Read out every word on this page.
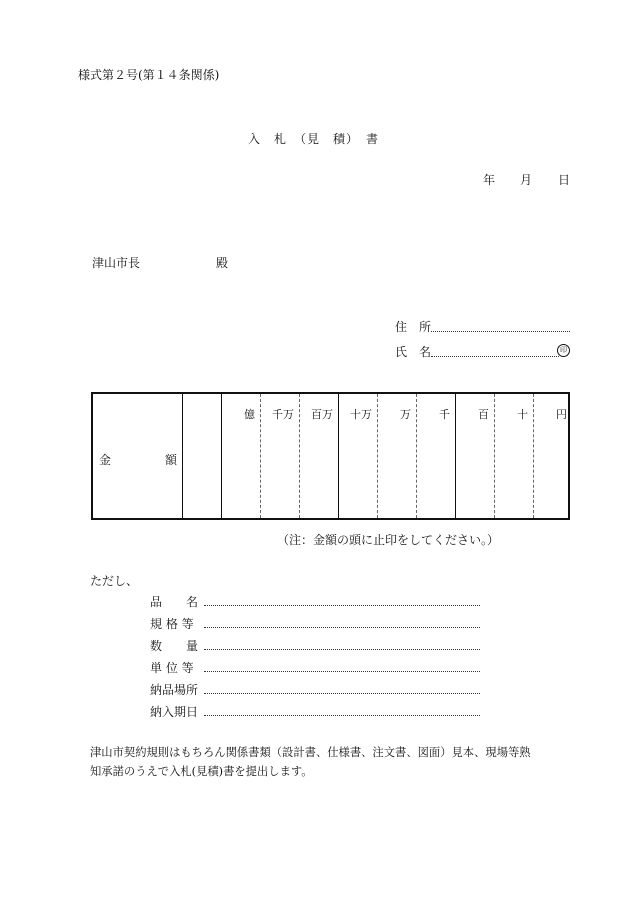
様式第２号(第１４条関係)
入　札　（見　積）　書
年 月 日
津山市長	殿
住　所
氏　名	印
金	額
億	千万	百万	十万	万	千	百	十	円
（注：金額の頭に止印をしてください。）
ただし、
品　　名
規 格 等
数　　量
単 位 等
納品場所
納入期日
津山市契約規則はもちろん関係書類（設計書、仕様書、注文書、図面）見本、現場等熟
知承諾のうえで入札(見積)書を提出します。
